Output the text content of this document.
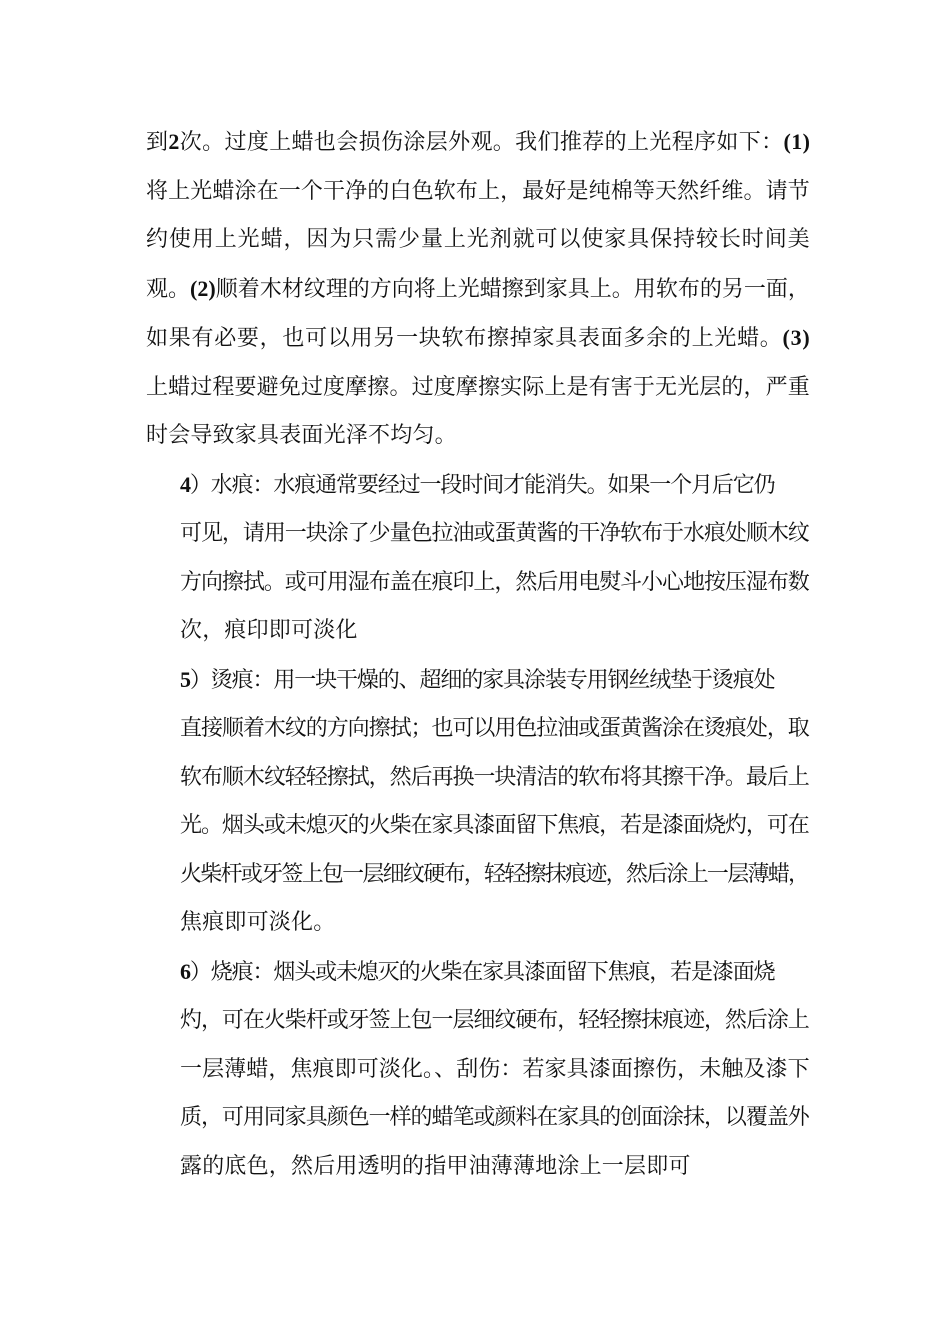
到2次。过度上蜡也会损伤涂层外观。我们推荐的上光程序如下：(1)
将上光蜡涂在一个干净的白色软布上，最好是纯棉等天然纤维。请节
约使用上光蜡，因为只需少量上光剂就可以使家具保持较长时间美
观。(2)顺着木材纹理的方向将上光蜡擦到家具上。用软布的另一面，
如果有必要，也可以用另一块软布擦掉家具表面多余的上光蜡。(3)
上蜡过程要避免过度摩擦。过度摩擦实际上是有害于无光层的，严重
时会导致家具表面光泽不均匀。

4）水痕：水痕通常要经过一段时间才能消失。如果一个月后它仍
可见，请用一块涂了少量色拉油或蛋黄酱的干净软布于水痕处顺木纹
方向擦拭。或可用湿布盖在痕印上，然后用电熨斗小心地按压湿布数
次，痕印即可淡化

5）烫痕：用一块干燥的、超细的家具涂装专用钢丝绒垫于烫痕处
直接顺着木纹的方向擦拭；也可以用色拉油或蛋黄酱涂在烫痕处，取
软布顺木纹轻轻擦拭，然后再换一块清洁的软布将其擦干净。最后上
光。烟头或未熄灭的火柴在家具漆面留下焦痕，若是漆面烧灼，可在
火柴杆或牙签上包一层细纹硬布，轻轻擦抹痕迹，然后涂上一层薄蜡，
焦痕即可淡化。

6）烧痕：烟头或未熄灭的火柴在家具漆面留下焦痕，若是漆面烧
灼，可在火柴杆或牙签上包一层细纹硬布，轻轻擦抹痕迹，然后涂上
一层薄蜡，焦痕即可淡化。、刮伤：若家具漆面擦伤，未触及漆下
质，可用同家具颜色一样的蜡笔或颜料在家具的创面涂抹，以覆盖外
露的底色，然后用透明的指甲油薄薄地涂上一层即可
